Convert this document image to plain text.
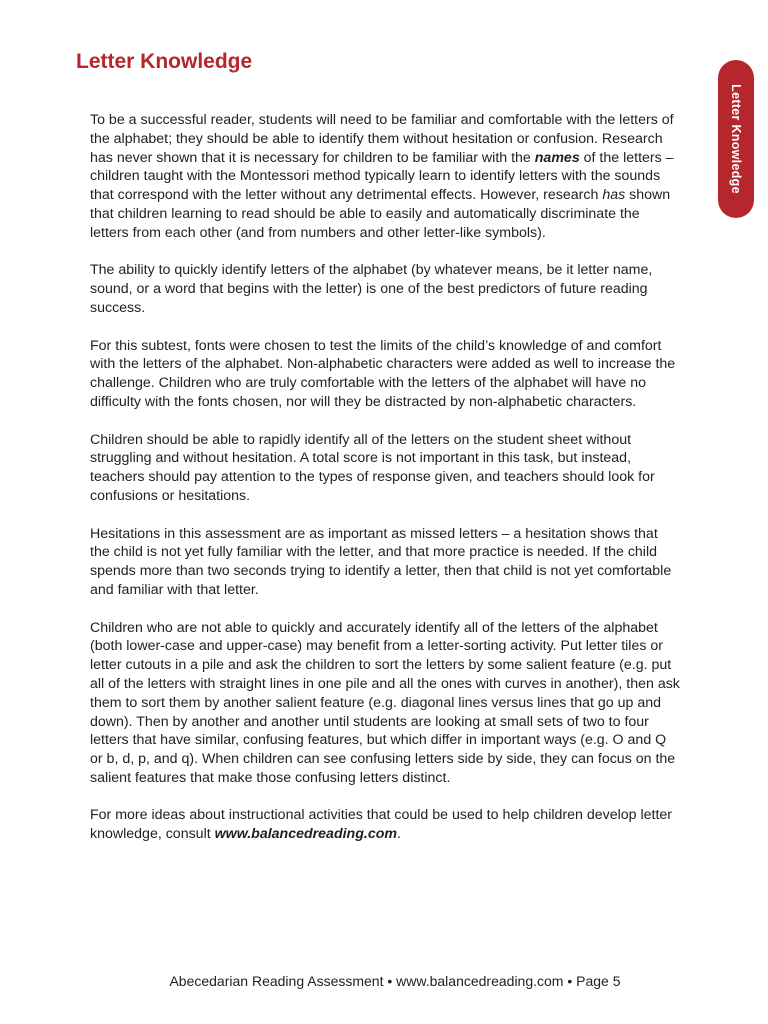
Letter Knowledge
Letter Knowledge

To be a successful reader, students will need to be familiar and comfortable with the letters of the alphabet; they should be able to identify them without hesitation or confusion. Research has never shown that it is necessary for children to be familiar with the names of the letters – children taught with the Montessori method typically learn to identify letters with the sounds that correspond with the letter without any detrimental effects. However, research has shown that children learning to read should be able to easily and automatically discriminate the letters from each other (and from numbers and other letter-like symbols).

The ability to quickly identify letters of the alphabet (by whatever means, be it letter name, sound, or a word that begins with the letter) is one of the best predictors of future reading success.

For this subtest, fonts were chosen to test the limits of the child’s knowledge of and comfort with the letters of the alphabet. Non-alphabetic characters were added as well to increase the challenge. Children who are truly comfortable with the letters of the alphabet will have no difficulty with the fonts chosen, nor will they be distracted by non-alphabetic characters.

Children should be able to rapidly identify all of the letters on the student sheet without struggling and without hesitation. A total score is not important in this task, but instead, teachers should pay attention to the types of response given, and teachers should look for confusions or hesitations.

Hesitations in this assessment are as important as missed letters – a hesitation shows that the child is not yet fully familiar with the letter, and that more practice is needed. If the child spends more than two seconds trying to identify a letter, then that child is not yet comfortable and familiar with that letter.

Children who are not able to quickly and accurately identify all of the letters of the alphabet (both lower-case and upper-case) may benefit from a letter-sorting activity. Put letter tiles or letter cutouts in a pile and ask the children to sort the letters by some salient feature (e.g. put all of the letters with straight lines in one pile and all the ones with curves in another), then ask them to sort them by another salient feature (e.g. diagonal lines versus lines that go up and down). Then by another and another until students are looking at small sets of two to four letters that have similar, confusing features, but which differ in important ways (e.g. O and Q or b, d, p, and q). When children can see confusing letters side by side, they can focus on the salient features that make those confusing letters distinct.

For more ideas about instructional activities that could be used to help children develop letter knowledge, consult www.balancedreading.com.

Abecedarian Reading Assessment • www.balancedreading.com • Page 5
